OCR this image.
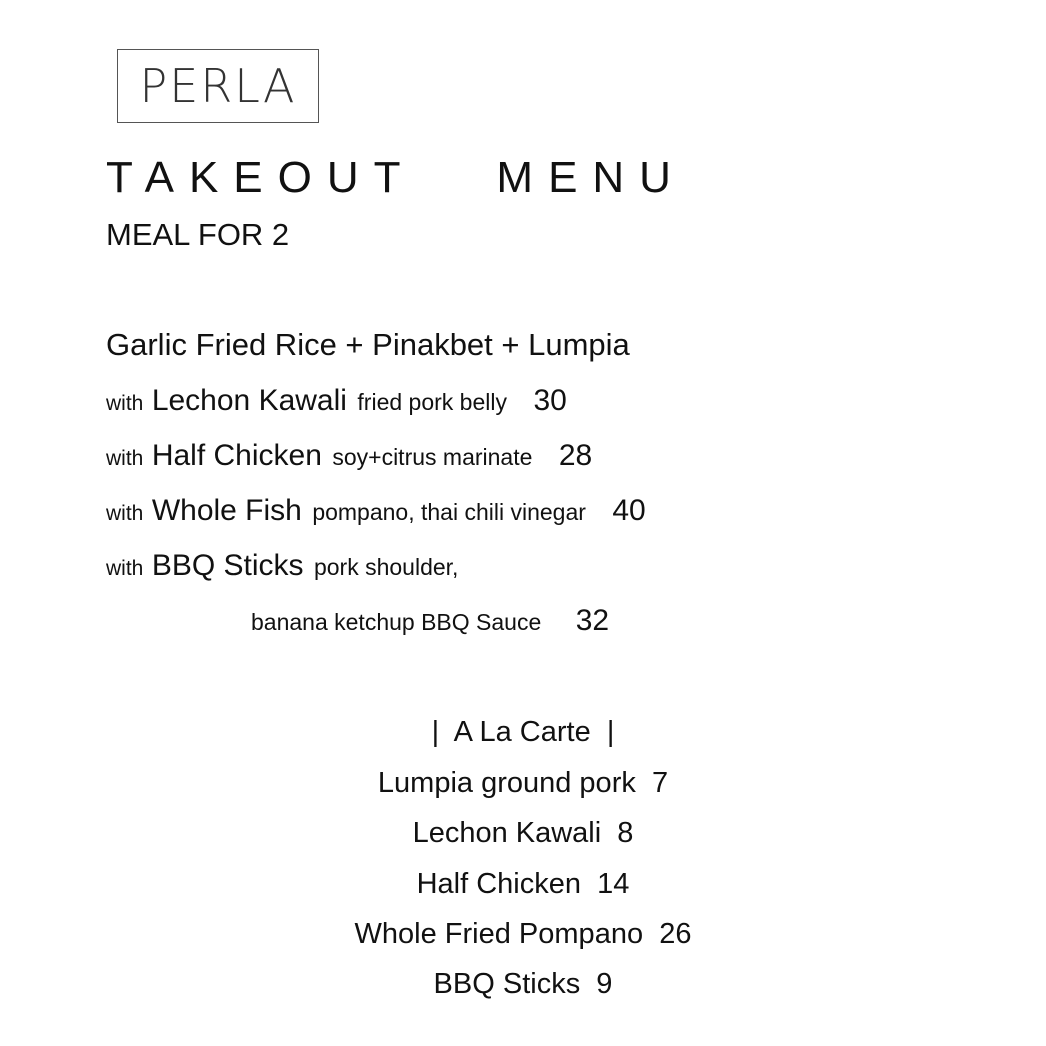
PERLA
TAKEOUT   MENU
MEAL FOR 2
Garlic Fried Rice + Pinakbet + Lumpia
with Lechon Kawali fried pork belly 30
with Half Chicken soy+citrus marinate 28
with Whole Fish pompano, thai chili vinegar 40
with BBQ Sticks pork shoulder,
banana ketchup BBQ Sauce 32
|  A La Carte  |
Lumpia ground pork  7
Lechon Kawali  8
Half Chicken  14
Whole Fried Pompano  26
BBQ Sticks  9
